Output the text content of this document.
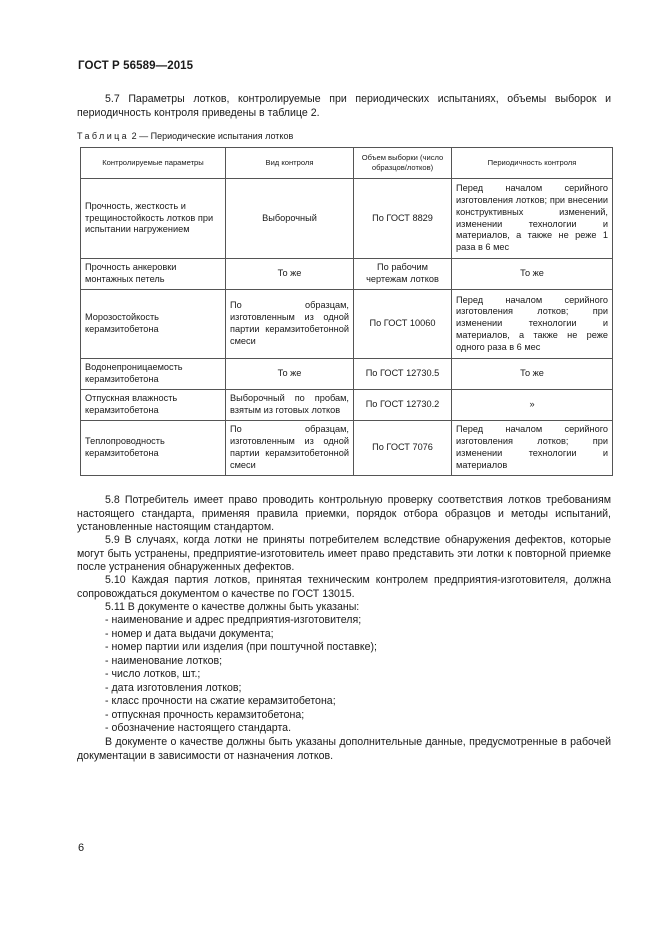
ГОСТ Р 56589—2015

5.7 Параметры лотков, контролируемые при периодических испытаниях, объемы выборок и периодичность контроля приведены в таблице 2.

Таблица 2 — Периодические испытания лотков
Контролируемые параметры	Вид контроля	Объем выборки (число образцов/лотков)	Периодичность контроля
Прочность, жесткость и трещиностойкость лотков при испытании нагружением	Выборочный	По ГОСТ 8829	Перед началом серийного изготовления лотков; при внесении конструктивных изменений, изменении технологии и материалов, а также не реже 1 раза в 6 мес
Прочность анкеровки монтажных петель	То же	По рабочим чертежам лотков	То же
Морозостойкость керамзитобетона	По образцам, изготовленным из одной партии керамзитобетонной смеси	По ГОСТ 10060	Перед началом серийного изготовления лотков; при изменении технологии и материалов, а также не реже одного раза в 6 мес
Водонепроницаемость керамзитобетона	То же	По ГОСТ 12730.5	То же
Отпускная влажность керамзитобетона	Выборочный по пробам, взятым из готовых лотков	По ГОСТ 12730.2	»
Теплопроводность керамзитобетона	По образцам, изготовленным из одной партии керамзитобетонной смеси	По ГОСТ 7076	Перед началом серийного изготовления лотков; при изменении технологии и материалов

5.8 Потребитель имеет право проводить контрольную проверку соответствия лотков требованиям настоящего стандарта, применяя правила приемки, порядок отбора образцов и методы испытаний, установленные настоящим стандартом.

5.9 В случаях, когда лотки не приняты потребителем вследствие обнаружения дефектов, которые могут быть устранены, предприятие-изготовитель имеет право представить эти лотки к повторной приемке после устранения обнаруженных дефектов.

5.10 Каждая партия лотков, принятая техническим контролем предприятия-изготовителя, должна сопровождаться документом о качестве по ГОСТ 13015.

5.11 В документе о качестве должны быть указаны:

- наименование и адрес предприятия-изготовителя;
- номер и дата выдачи документа;
- номер партии или изделия (при поштучной поставке);
- наименование лотков;
- число лотков, шт.;
- дата изготовления лотков;
- класс прочности на сжатие керамзитобетона;
- отпускная прочность керамзитобетона;
- обозначение настоящего стандарта.

В документе о качестве должны быть указаны дополнительные данные, предусмотренные в рабочей документации в зависимости от назначения лотков.

6
